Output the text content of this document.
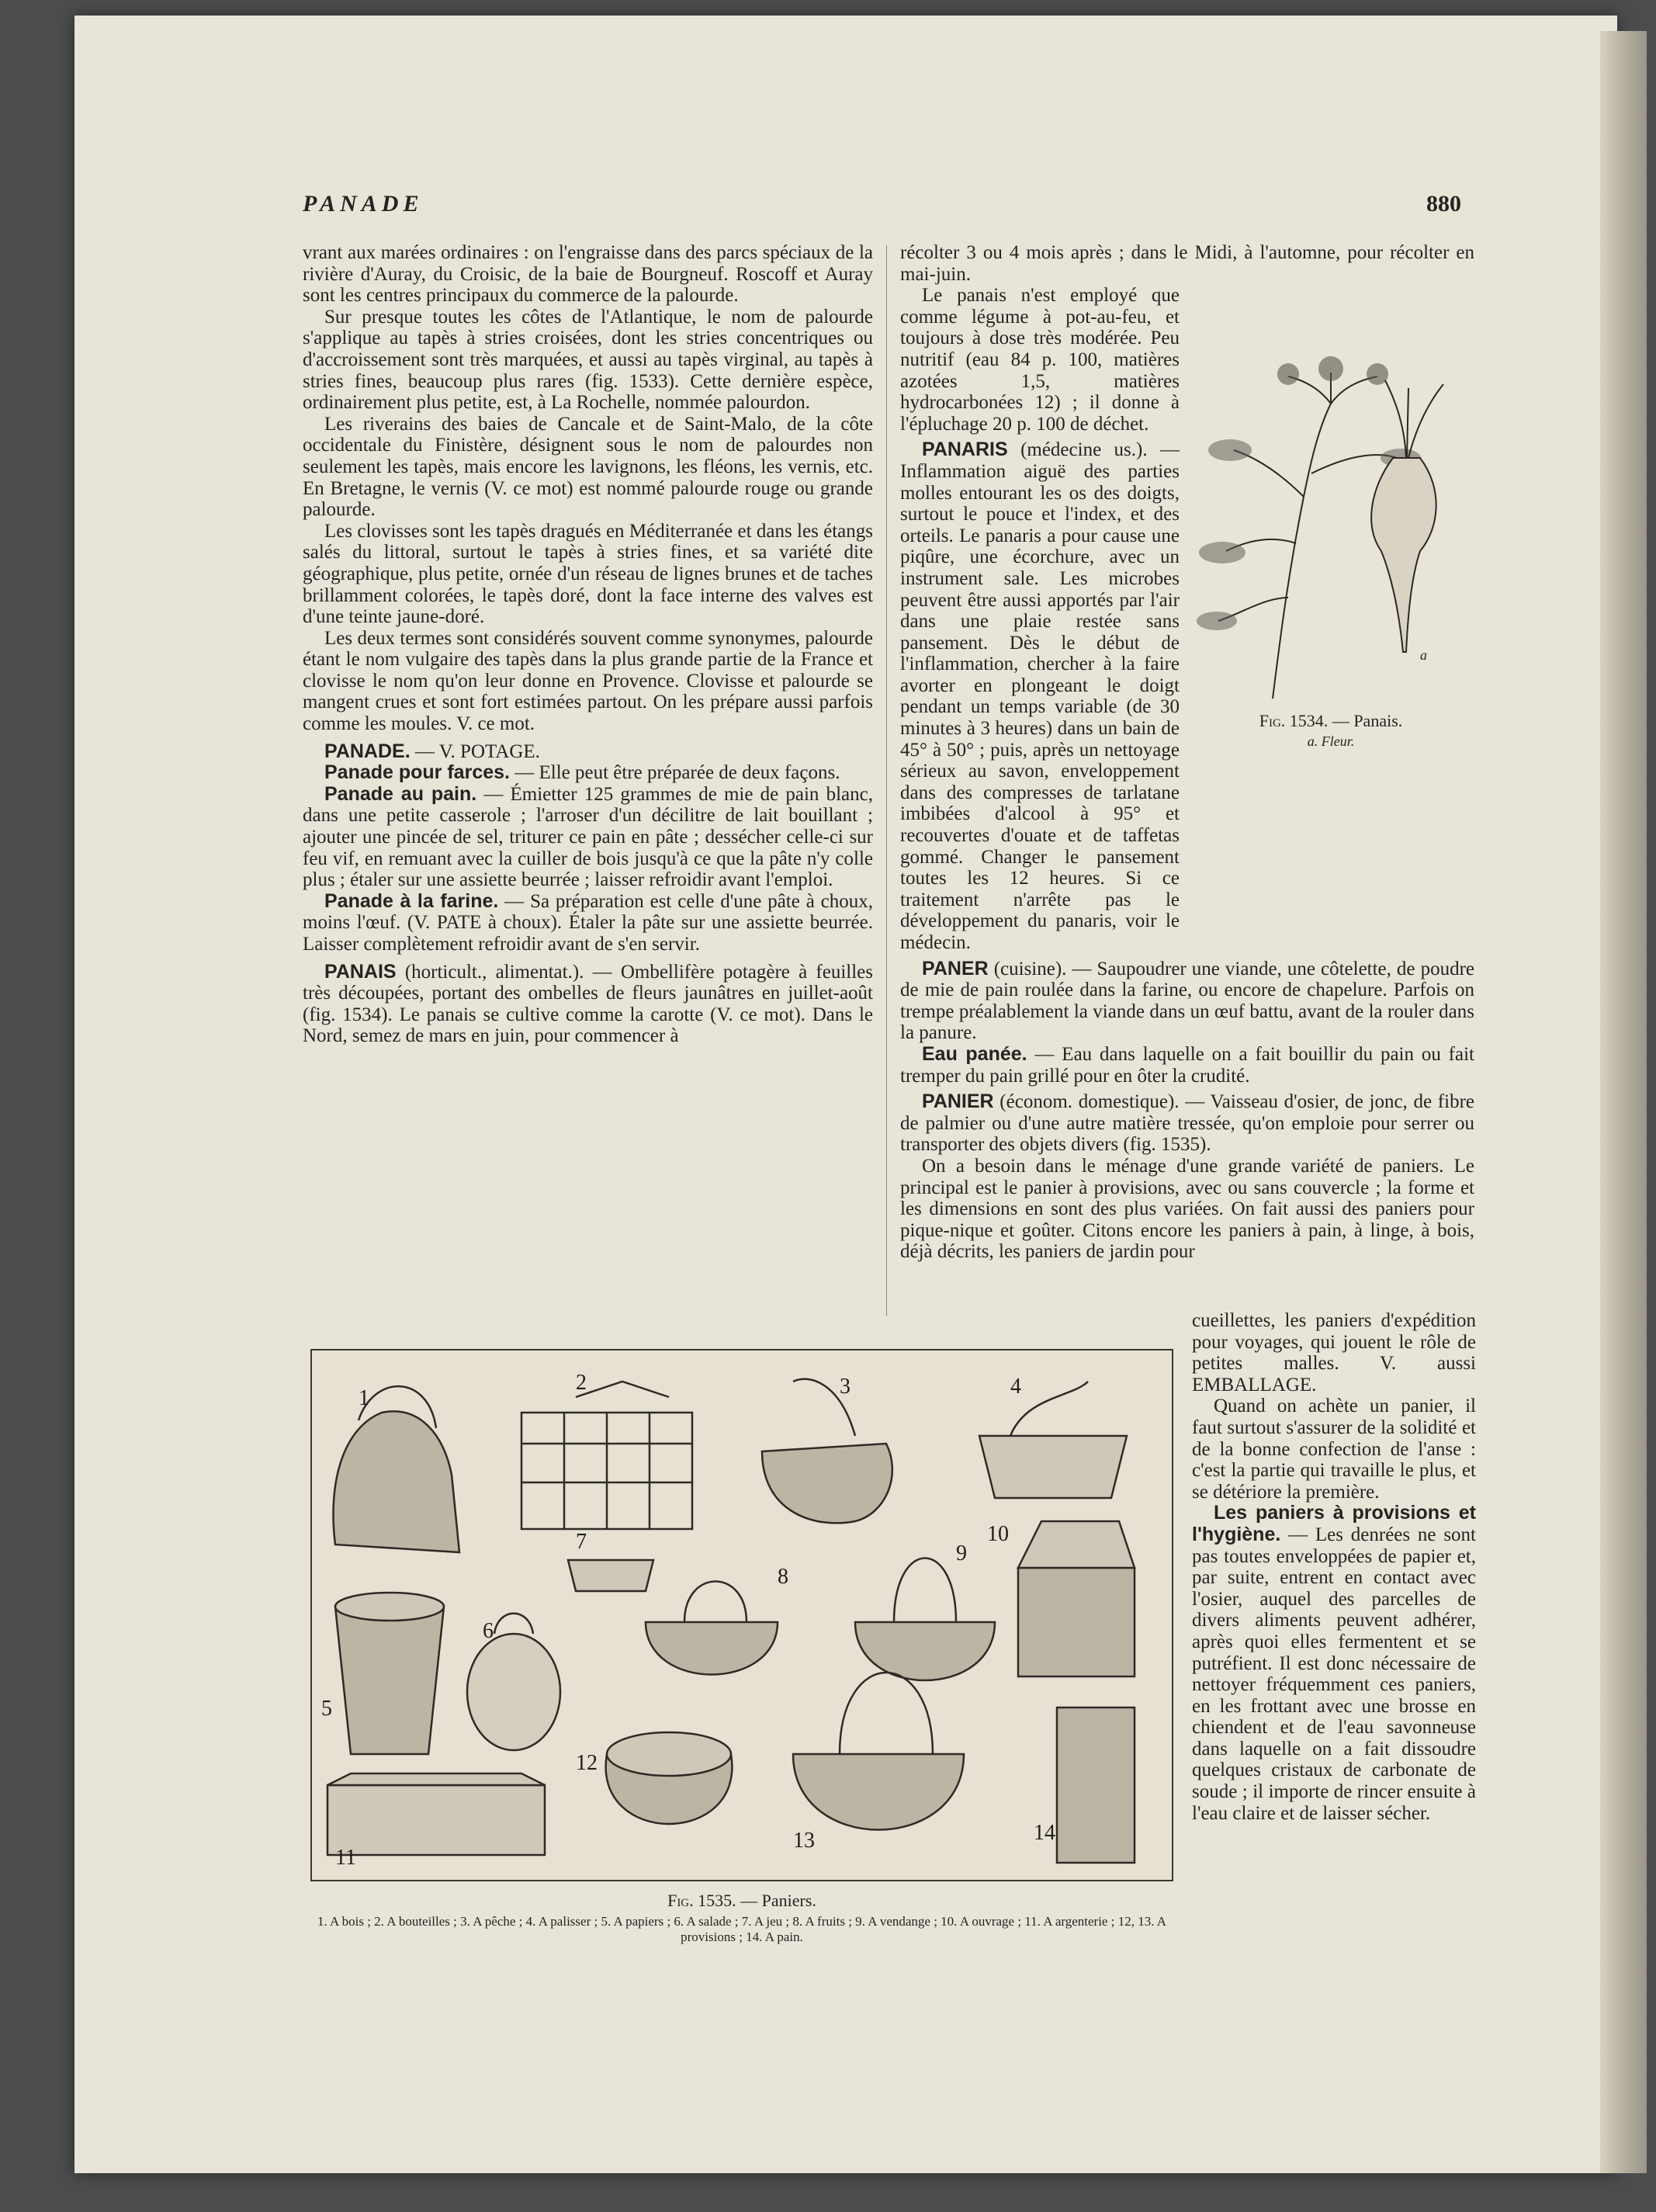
PANADE	880

vrant aux marées ordinaires : on l'engraisse dans des parcs spéciaux de la rivière d'Auray, du Croisic, de la baie de Bourgneuf. Roscoff et Auray sont les centres principaux du commerce de la palourde.

Sur presque toutes les côtes de l'Atlantique, le nom de palourde s'applique au tapès à stries croisées, dont les stries concentriques ou d'accroissement sont très marquées, et aussi au tapès virginal, au tapès à stries fines, beaucoup plus rares (fig. 1533). Cette dernière espèce, ordinairement plus petite, est, à La Rochelle, nommée palourdon.

Les riverains des baies de Cancale et de Saint-Malo, de la côte occidentale du Finistère, désignent sous le nom de palourdes non seulement les tapès, mais encore les lavignons, les fléons, les vernis, etc. En Bretagne, le vernis (V. ce mot) est nommé palourde rouge ou grande palourde.

Les clovisses sont les tapès dragués en Méditerranée et dans les étangs salés du littoral, surtout le tapès à stries fines, et sa variété dite géographique, plus petite, ornée d'un réseau de lignes brunes et de taches brillamment colorées, le tapès doré, dont la face interne des valves est d'une teinte jaune-doré.

Les deux termes sont considérés souvent comme synonymes, palourde étant le nom vulgaire des tapès dans la plus grande partie de la France et clovisse le nom qu'on leur donne en Provence. Clovisse et palourde se mangent crues et sont fort estimées partout. On les prépare aussi parfois comme les moules. V. ce mot.

PANADE. — V. POTAGE.

Panade pour farces. — Elle peut être préparée de deux façons.

Panade au pain. — Émietter 125 grammes de mie de pain blanc, dans une petite casserole ; l'arroser d'un décilitre de lait bouillant ; ajouter une pincée de sel, triturer ce pain en pâte ; dessécher celle-ci sur feu vif, en remuant avec la cuiller de bois jusqu'à ce que la pâte n'y colle plus ; étaler sur une assiette beurrée ; laisser refroidir avant l'emploi.

Panade à la farine. — Sa préparation est celle d'une pâte à choux, moins l'œuf. (V. PATE à choux). Étaler la pâte sur une assiette beurrée. Laisser complètement refroidir avant de s'en servir.

PANAIS (horticult., alimentat.). — Ombellifère potagère à feuilles très découpées, portant des ombelles de fleurs jaunâtres en juillet-août (fig. 1534). Le panais se cultive comme la carotte (V. ce mot). Dans le Nord, semez de mars en juin, pour commencer à

récolter 3 ou 4 mois après ; dans le Midi, à l'automne, pour récolter en mai-juin.

Le panais n'est employé que comme légume à pot-au-feu, et toujours à dose très modérée. Peu nutritif (eau 84 p. 100, matières azotées 1,5, matières hydrocarbonées 12) ; il donne à l'épluchage 20 p. 100 de déchet.

PANARIS (médecine us.). — Inflammation aiguë des parties molles entourant les os des doigts, surtout le pouce et l'index, et des orteils. Le panaris a pour cause une piqûre, une écorchure, avec un instrument sale. Les microbes peuvent être aussi apportés par l'air dans une plaie restée sans pansement. Dès le début de l'inflammation, chercher à la faire avorter en plongeant le doigt pendant un temps variable (de 30 minutes à 3 heures) dans un bain de 45° à 50° ; puis, après un nettoyage sérieux au savon, enveloppement dans des compresses de tarlatane imbibées d'alcool à 95° et recouvertes d'ouate et de taffetas gommé. Changer le pansement toutes les 12 heures. Si ce traitement n'arrête pas le développement du panaris, voir le médecin.

PANER (cuisine). — Saupoudrer une viande, une côtelette, de poudre de mie de pain roulée dans la farine, ou encore de chapelure. Parfois on trempe préalablement la viande dans un œuf battu, avant de la rouler dans la panure.

Eau panée. — Eau dans laquelle on a fait bouillir du pain ou fait tremper du pain grillé pour en ôter la crudité.

PANIER (économ. domestique). — Vaisseau d'osier, de jonc, de fibre de palmier ou d'une autre matière tressée, qu'on emploie pour serrer ou transporter des objets divers (fig. 1535).

On a besoin dans le ménage d'une grande variété de paniers. Le principal est le panier à provisions, avec ou sans couvercle ; la forme et les dimensions en sont des plus variées. On fait aussi des paniers pour pique-nique et goûter. Citons encore les paniers à pain, à linge, à bois, déjà décrits, les paniers de jardin pour

a
Fig. 1534. — Panais.
a. Fleur.

cueillettes, les paniers d'expédition pour voyages, qui jouent le rôle de petites malles. V. aussi EMBALLAGE.

Quand on achète un panier, il faut surtout s'assurer de la solidité et de la bonne confection de l'anse : c'est la partie qui travaille le plus, et se détériore la première.

Les paniers à provisions et l'hygiène. — Les denrées ne sont pas toutes enveloppées de papier et, par suite, entrent en contact avec l'osier, auquel des parcelles de divers aliments peuvent adhérer, après quoi elles fermentent et se putréfient. Il est donc nécessaire de nettoyer fréquemment ces paniers, en les frottant avec une brosse en chiendent et de l'eau savonneuse dans laquelle on a fait dissoudre quelques cristaux de carbonate de soude ; il importe de rincer ensuite à l'eau claire et de laisser sécher.

1
2	3	4
5
6
7
8
9
10
11
12
13	14
Fig. 1535. — Paniers.
1. A bois ; 2. A bouteilles ; 3. A pêche ; 4. A palisser ; 5. A papiers ; 6. A salade ; 7. A jeu ; 8. A fruits ; 9. A vendange ; 10. A ouvrage ; 11. A argenterie ; 12, 13. A provisions ; 14. A pain.
